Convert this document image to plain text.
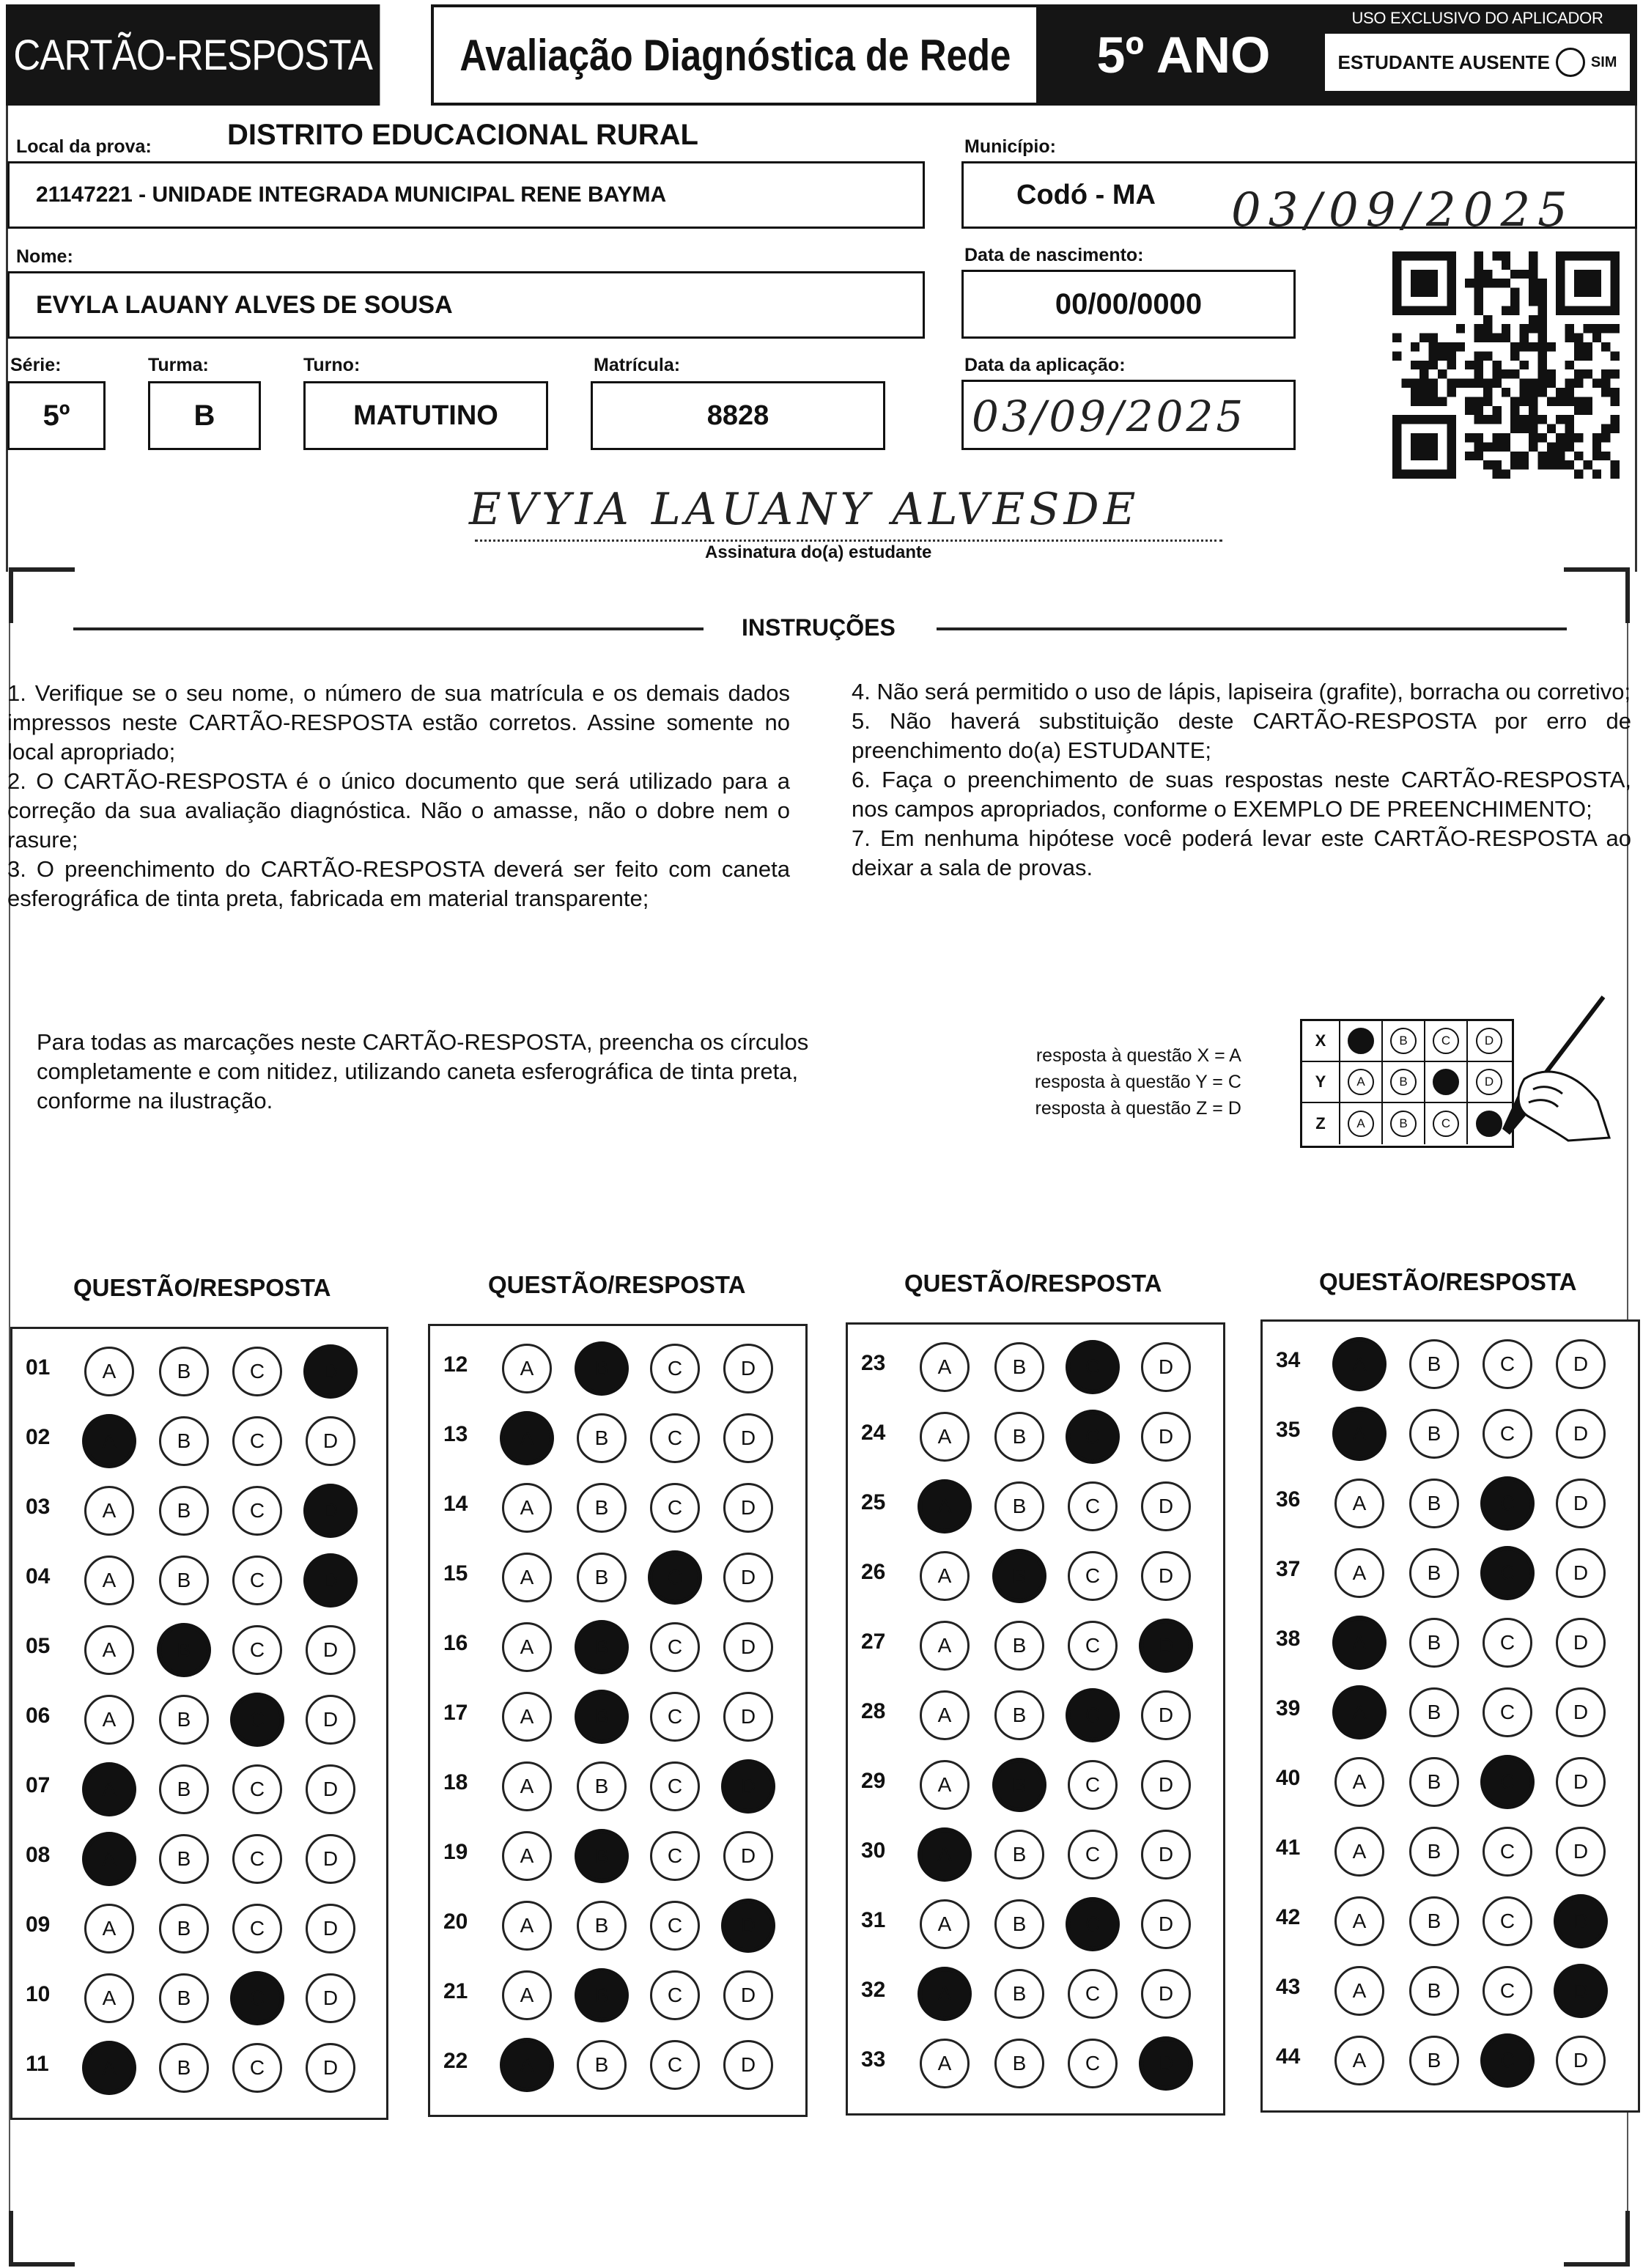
CARTÃO-RESPOSTA Avaliação Diagnóstica de Rede 5º ANO
USO EXCLUSIVO DO APLICADOR
ESTUDANTE AUSENTE	SIM
Local da prova:	DISTRITO EDUCACIONAL RURAL
21147221 - UNIDADE INTEGRADA MUNICIPAL RENE BAYMA
Município:
Codó - MA 03/09/2025
Nome:
EVYLA LAUANY ALVES DE SOUSA
Data de nascimento:
00/00/0000
Série:	Turma:	Turno:	Matrícula:	Data da aplicação:
5º	B	MATUTINO	8828	03/09/2025
EVYIA LAUANY ALVESDE
Assinatura do(a) estudante
INSTRUÇÕES

1. Verifique se o seu nome, o número de sua matrícula e os demais dados impressos neste CARTÃO-RESPOSTA estão corretos. Assine somente no local apropriado;

2. O CARTÃO-RESPOSTA é o único documento que será utilizado para a correção da sua avaliação diagnóstica. Não o amasse, não o dobre nem o rasure;

3. O preenchimento do CARTÃO-RESPOSTA deverá ser feito com caneta esferográfica de tinta preta, fabricada em material transparente;

4. Não será permitido o uso de lápis, lapiseira (grafite), borracha ou corretivo;

5. Não haverá substituição deste CARTÃO-RESPOSTA por erro de preenchimento do(a) ESTUDANTE;

6. Faça o preenchimento de suas respostas neste CARTÃO-RESPOSTA, nos campos apropriados, conforme o EXEMPLO DE PREENCHIMENTO;

7. Em nenhuma hipótese você poderá levar este CARTÃO-RESPOSTA ao deixar a sala de provas.

Para todas as marcações neste CARTÃO-RESPOSTA, preencha os círculos completamente e com nitidez, utilizando caneta esferográfica de tinta preta, conforme na ilustração.
resposta à questão X = A
resposta à questão Y = C
resposta à questão Z = D
X	B	C	D
Y	A	B	D
Z	A	B	C
QUESTÃO/RESPOSTA	QUESTÃO/RESPOSTA	QUESTÃO/RESPOSTA	QUESTÃO/RESPOSTA
01	A	B	C	D
02	A	B	C	D
03	A	B	C	D
04	A	B	C	D
05	A	B	C	D
06	A	B	C	D
07	A	B	C	D
08	A	B	C	D
09	A	B	C	D
10	A	B	C	D
11	A	B	C	D
12	A	B	C	D
13	A	B	C	D
14	A	B	C	D
15	A	B	C	D
16	A	B	C	D
17	A	B	C	D
18	A	B	C	D
19	A	B	C	D
20	A	B	C	D
21	A	B	C	D
22	A	B	C	D
23	A	B	C	D
24	A	B	C	D
25	A	B	C	D
26	A	B	C	D
27	A	B	C	D
28	A	B	C	D
29	A	B	C	D
30	A	B	C	D
31	A	B	C	D
32	A	B	C	D
33	A	B	C	D
34	A	B	C	D
35	A	B	C	D
36	A	B	C	D
37	A	B	C	D
38	A	B	C	D
39	A	B	C	D
40	A	B	C	D
41	A	B	C	D
42	A	B	C	D
43	A	B	C	D
44	A	B	C	D
